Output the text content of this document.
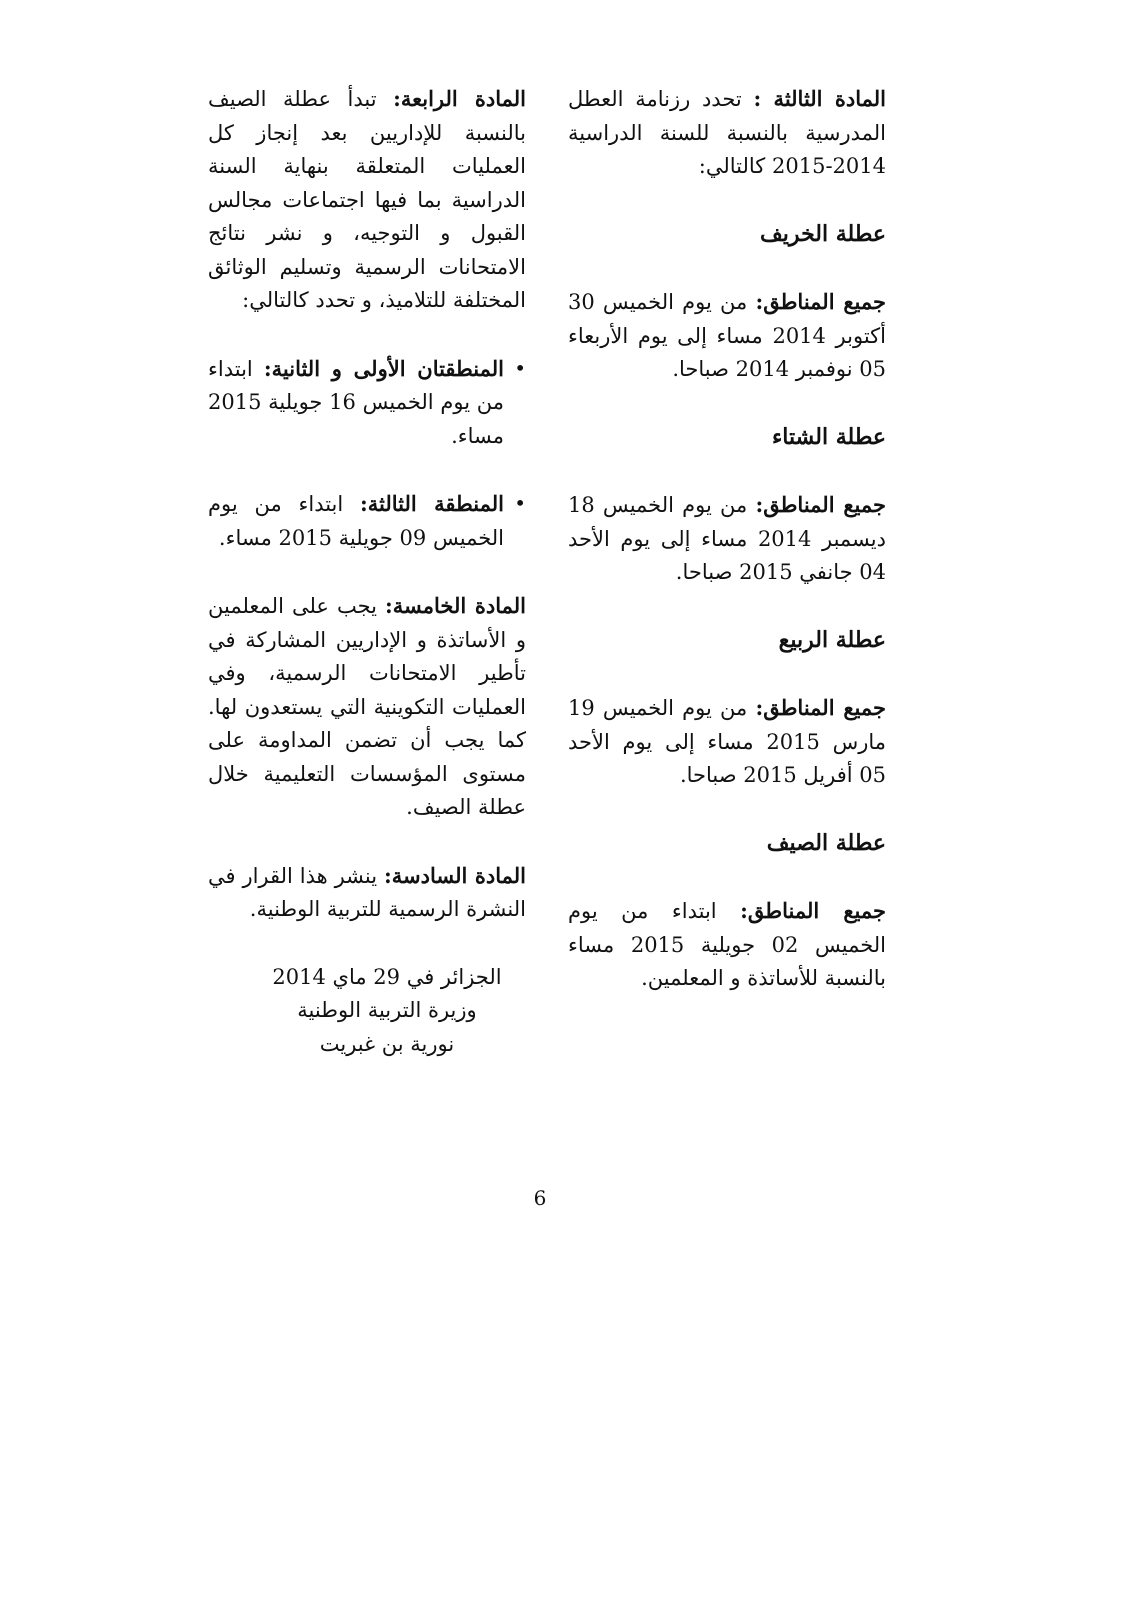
المادة الثالثة : تحدد رزنامة العطل المدرسية بالنسبة للسنة الدراسية 2014-2015 كالتالي:

عطلة الخريف

جميع المناطق: من يوم الخميس 30 أكتوبر 2014 مساء إلى يوم الأربعاء 05 نوفمبر 2014 صباحا.

عطلة الشتاء

جميع المناطق: من يوم الخميس 18 ديسمبر 2014 مساء إلى يوم الأحد 04 جانفي 2015 صباحا.

عطلة الربيع

جميع المناطق: من يوم الخميس 19 مارس 2015 مساء إلى يوم الأحد 05 أفريل 2015 صباحا.

عطلة الصيف

جميع المناطق: ابتداء من يوم الخميس 02 جويلية 2015 مساء بالنسبة للأساتذة و المعلمين.

المادة الرابعة: تبدأ عطلة الصيف بالنسبة للإداريين بعد إنجاز كل العمليات المتعلقة بنهاية السنة الدراسية بما فيها اجتماعات مجالس القبول و التوجيه، و نشر نتائج الامتحانات الرسمية وتسليم الوثائق المختلفة للتلاميذ، و تحدد كالتالي:

•
المنطقتان الأولى و الثانية: ابتداء من يوم الخميس 16 جويلية 2015 مساء.

•
المنطقة الثالثة: ابتداء من يوم الخميس 09 جويلية 2015 مساء.

المادة الخامسة: يجب على المعلمين و الأساتذة و الإداريين المشاركة في تأطير الامتحانات الرسمية، وفي العمليات التكوينية التي يستعدون لها. كما يجب أن تضمن المداومة على مستوى المؤسسات التعليمية خلال عطلة الصيف.

المادة السادسة: ينشر هذا القرار في النشرة الرسمية للتربية الوطنية.

الجزائر في 29 ماي 2014
وزيرة التربية الوطنية
نورية بن غبريت
6
